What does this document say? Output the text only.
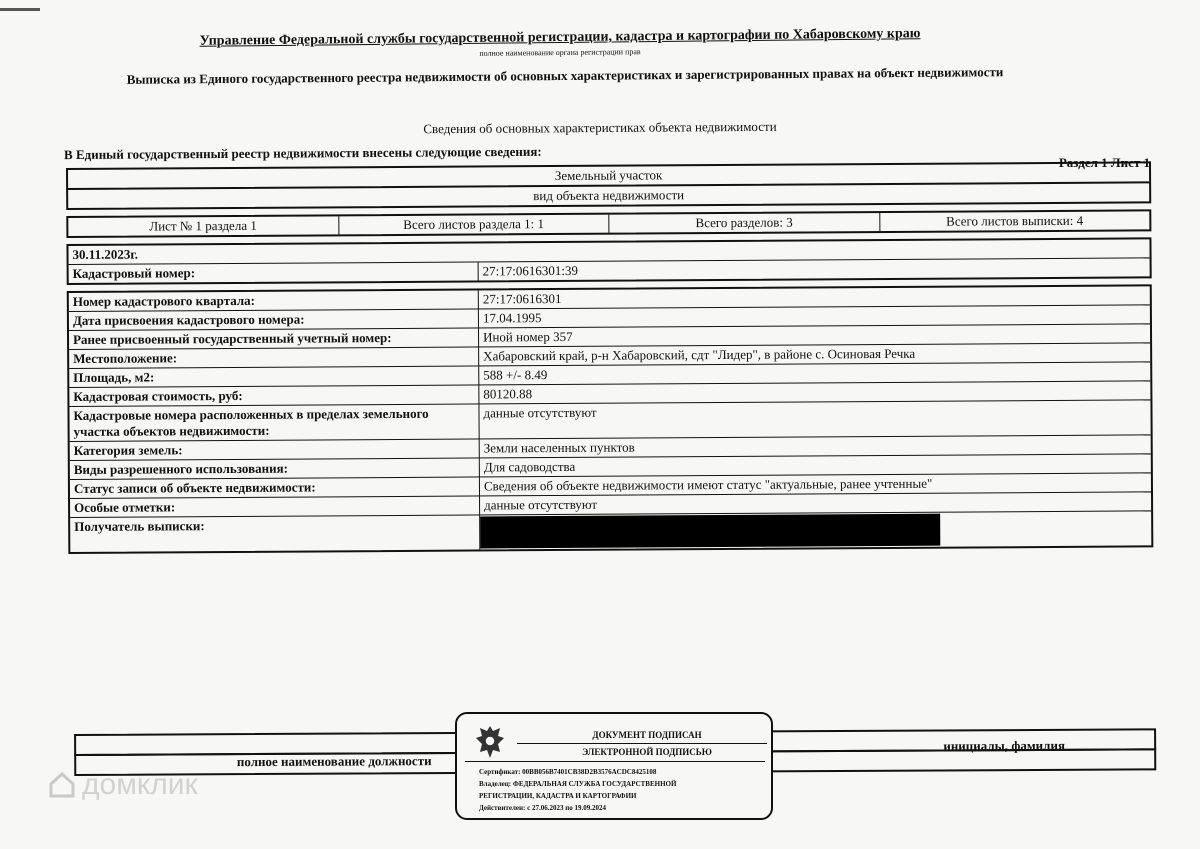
Управление Федеральной службы государственной регистрации, кадастра и картографии по Хабаровскому краю
полное наименование органа регистрации прав
Выписка из Единого государственного реестра недвижимости об основных характеристиках и зарегистрированных правах на объект недвижимости
Сведения об основных характеристиках объекта недвижимости
В Единый государственный реестр недвижимости внесены следующие сведения:
Раздел 1 Лист 1
Земельный участок
вид объекта недвижимости
Лист № 1 раздела 1	Всего листов раздела 1: 1	Всего разделов: 3	Всего листов выписки: 4
30.11.2023г.
Кадастровый номер:	27:17:0616301:39
Номер кадастрового квартала:	27:17:0616301
Дата присвоения кадастрового номера:	17.04.1995
Ранее присвоенный государственный учетный номер:	Иной номер 357
Местоположение:	Хабаровский край, р-н Хабаровский, сдт "Лидер", в районе с. Осиновая Речка
Площадь, м2:	588 +/- 8.49
Кадастровая стоимость, руб:	80120.88
Кадастровые номера расположенных в пределах земельного участка объектов недвижимости:
данные отсутствуют
Категория земель:	Земли населенных пунктов
Виды разрешенного использования:	Для садоводства
Статус записи об объекте недвижимости:	Сведения об объекте недвижимости имеют статус "актуальные, ранее учтенные"
Особые отметки:	данные отсутствуют
Получатель выписки:
полное наименование должности
инициалы, фамилия
ДОКУМЕНТ ПОДПИСАН
ЭЛЕКТРОННОЙ ПОДПИСЬЮ
Сертификат: 00BB056B7401CB38D2B3576ACDC8425108
Владелец: ФЕДЕРАЛЬНАЯ СЛУЖБА ГОСУДАРСТВЕННОЙ
РЕГИСТРАЦИИ, КАДАСТРА И КАРТОГРАФИИ
Действителен: с 27.06.2023 по 19.09.2024
домклик
